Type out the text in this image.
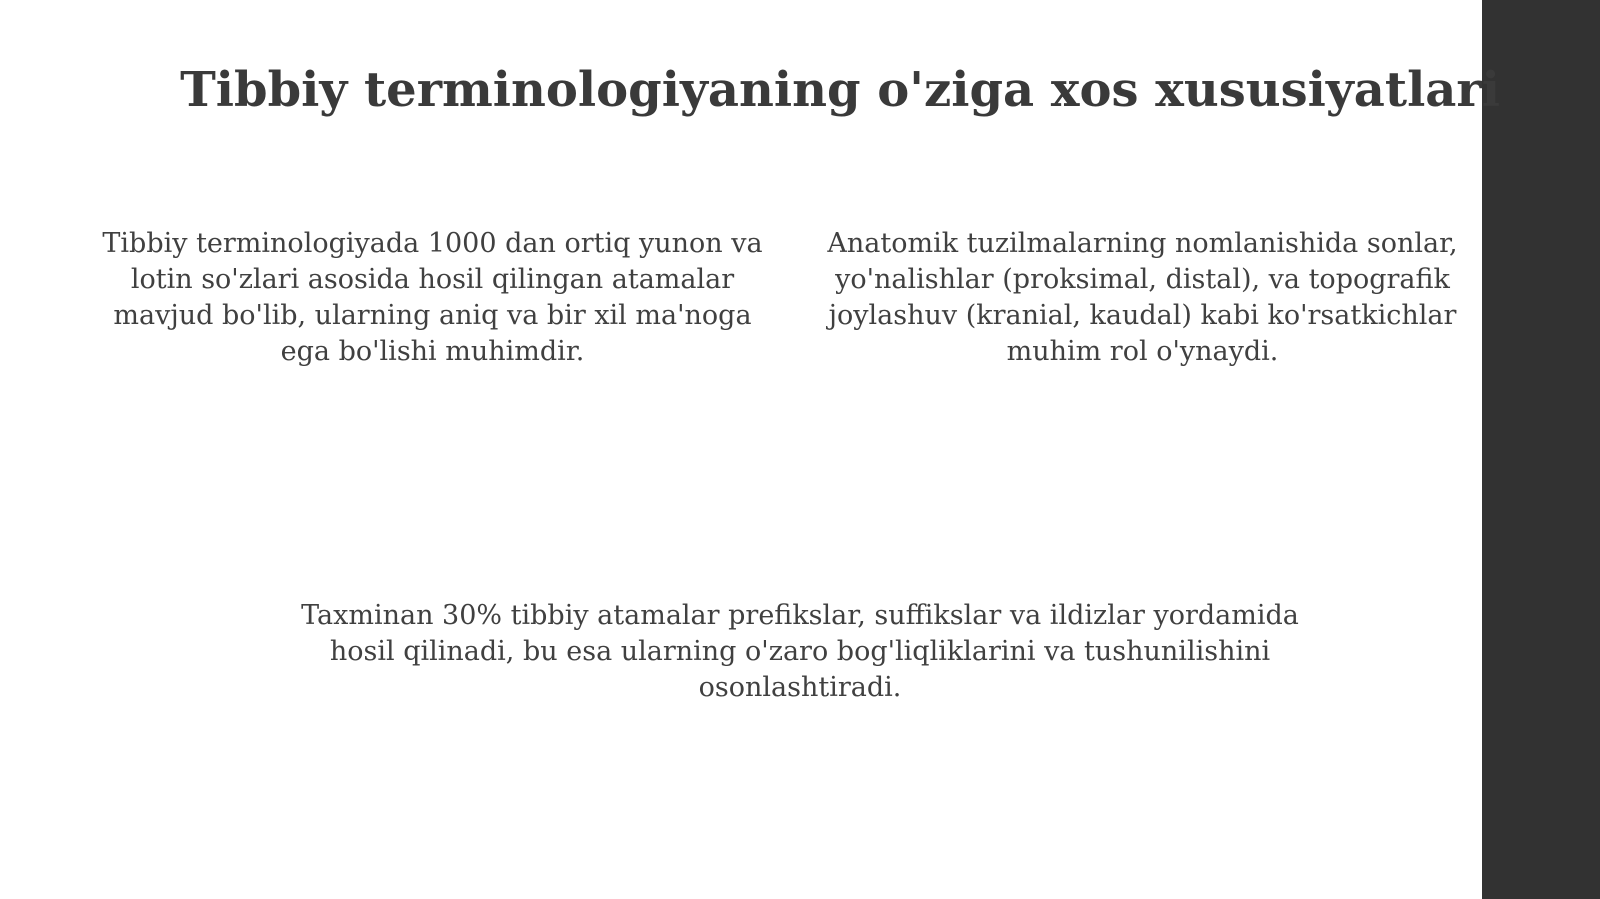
Tibbiy terminologiyaning o'ziga xos xususiyatlari

Tibbiy terminologiyada 1000 dan ortiq yunon va lotin so'zlari asosida hosil qilingan atamalar mavjud bo'lib, ularning aniq va bir xil ma'noga ega bo'lishi muhimdir.

Anatomik tuzilmalarning nomlanishida sonlar, yo'nalishlar (proksimal, distal), va topografik joylashuv (kranial, kaudal) kabi ko'rsatkichlar muhim rol o'ynaydi.

Taxminan 30% tibbiy atamalar prefikslar, suffikslar va ildizlar yordamida hosil qilinadi, bu esa ularning o'zaro bog'liqliklarini va tushunilishini osonlashtiradi.
